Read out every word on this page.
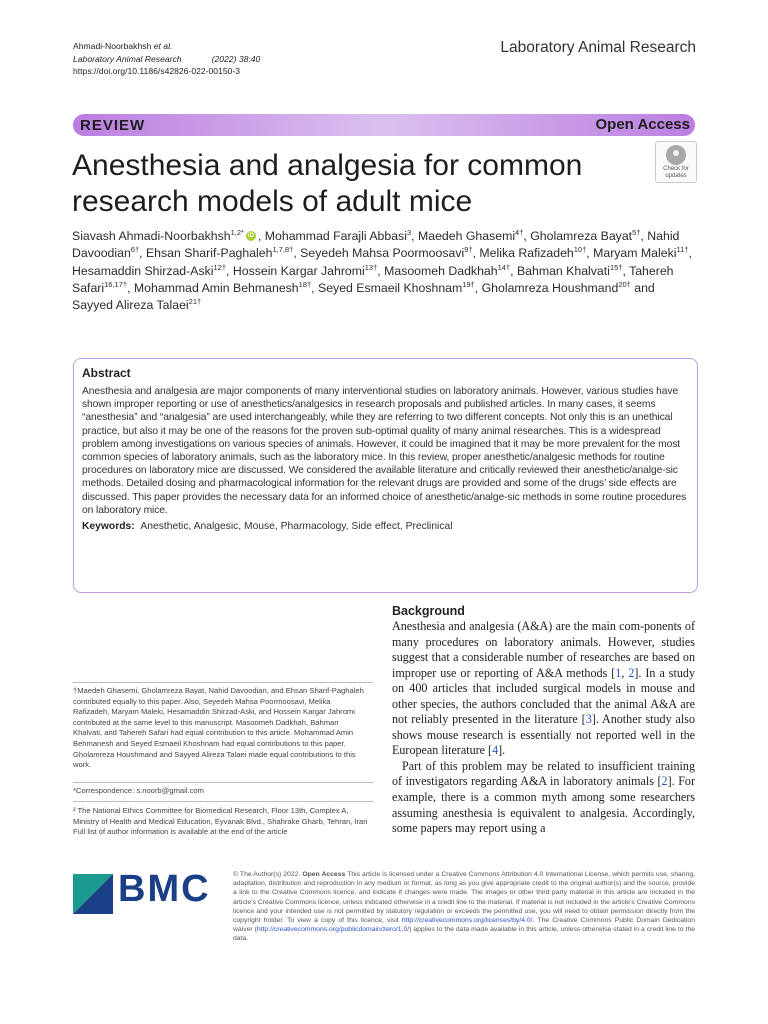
Ahmadi-Noorbakhsh et al.
Laboratory Animal Research	(2022) 38:40
https://doi.org/10.1186/s42826-022-00150-3
Laboratory Animal Research
REVIEW	Open Access
Anesthesia and analgesia for common research models of adult mice
Check for
updates
Siavash Ahmadi-Noorbakhsh$^{1,2*}$ iD , Mohammad Farajli Abbasi$^3$, Maedeh Ghasemi$^{4\dagger}$, Gholamreza Bayat$^{5\dagger}$, Nahid Davoodian$^{6\dagger}$, Ehsan Sharif-Paghaleh$^{1,7,8\dagger}$, Seyedeh Mahsa Poormoosavi$^{9\dagger}$, Melika Rafizadeh$^{10\dagger}$, Maryam Maleki$^{11\dagger}$, Hesamaddin Shirzad-Aski$^{12\dagger}$, Hossein Kargar Jahromi$^{13\dagger}$, Masoomeh Dadkhah$^{14\dagger}$, Bahman Khalvati$^{15\dagger}$, Tahereh Safari$^{16,17\dagger}$, Mohammad Amin Behmanesh$^{18\dagger}$, Seyed Esmaeil Khoshnam$^{19\dagger}$, Gholamreza Houshmand$^{20\dagger}$ and Sayyed Alireza Talaei$^{21\dagger}$
Abstract
Anesthesia and analgesia are major components of many interventional studies on laboratory animals. However, various studies have shown improper reporting or use of anesthetics/analgesics in research proposals and published articles. In many cases, it seems “anesthesia” and “analgesia” are used interchangeably, while they are referring to two different concepts. Not only this is an unethical practice, but also it may be one of the reasons for the proven sub-optimal quality of many animal researches. This is a widespread problem among investigations on various species of animals. However, it could be imagined that it may be more prevalent for the most common species of laboratory animals, such as the laboratory mice. In this review, proper anesthetic/analgesic methods for routine procedures on laboratory mice are discussed. We considered the available literature and critically reviewed their anesthetic/analge-sic methods. Detailed dosing and pharmacological information for the relevant drugs are provided and some of the drugs’ side effects are discussed. This paper provides the necessary data for an informed choice of anesthetic/analge-sic methods in some routine procedures on laboratory mice.
Keywords: Anesthetic, Analgesic, Mouse, Pharmacology, Side effect, Preclinical
†Maedeh Ghasemi, Gholamreza Bayat, Nahid Davoodian, and Ehsan Sharif-Paghaleh contributed equally to this paper. Also, Seyedeh Mahsa Poormoosavi, Melika Rafizadeh, Maryam Maleki, Hesamaddin Shirzad-Aski, and Hossein Kargar Jahromi contributed at the same level to this manuscript. Masoomeh Dadkhah, Bahman Khalvati, and Tahereh Safari had equal contribution to this article. Mohammad Amin Behmanesh and Seyed Esmaeil Khoshnam had equal contributions to this paper. Gholamreza Houshmand and Sayyed Alireza Talaei made equal contributions to this work.
*Correspondence: s.noorb@gmail.com
² The National Ethics Committee for Biomedical Research, Floor 13th, Complex A, Ministry of Health and Medical Education, Eyvanak Blvd., Shahrake Gharb, Tehran, Iran
Full list of author information is available at the end of the article
Background

Anesthesia and analgesia (A&A) are the main com-ponents of many procedures on laboratory animals. However, studies suggest that a considerable number of researches are based on improper use or reporting of A&A methods [1, 2]. In a study on 400 articles that included surgical models in mouse and other species, the authors concluded that the animal A&A are not reliably presented in the literature [3]. Another study also shows mouse research is essentially not reported well in the European literature [4].

Part of this problem may be related to insufficient training of investigators regarding A&A in laboratory animals [2]. For example, there is a common myth among some researchers assuming anesthesia is equivalent to analgesia. Accordingly, some papers may report using a

BMC	© The Author(s) 2022. Open Access This article is licensed under a Creative Commons Attribution 4.0 International License, which permits use, sharing, adaptation, distribution and reproduction in any medium or format, as long as you give appropriate credit to the original author(s) and the source, provide a link to the Creative Commons licence, and indicate if changes were made. The images or other third party material in this article are included in the article’s Creative Commons licence, unless indicated otherwise in a credit line to the material. If material is not included in the article’s Creative Commons licence and your intended use is not permitted by statutory regulation or exceeds the permitted use, you will need to obtain permission directly from the copyright holder. To view a copy of this licence, visit http://creativecommons.org/licenses/by/4.0/. The Creative Commons Public Domain Dedication waiver (http://creativecommons.org/publicdomain/zero/1.0/) applies to the data made available in this article, unless otherwise stated in a credit line to the data.
